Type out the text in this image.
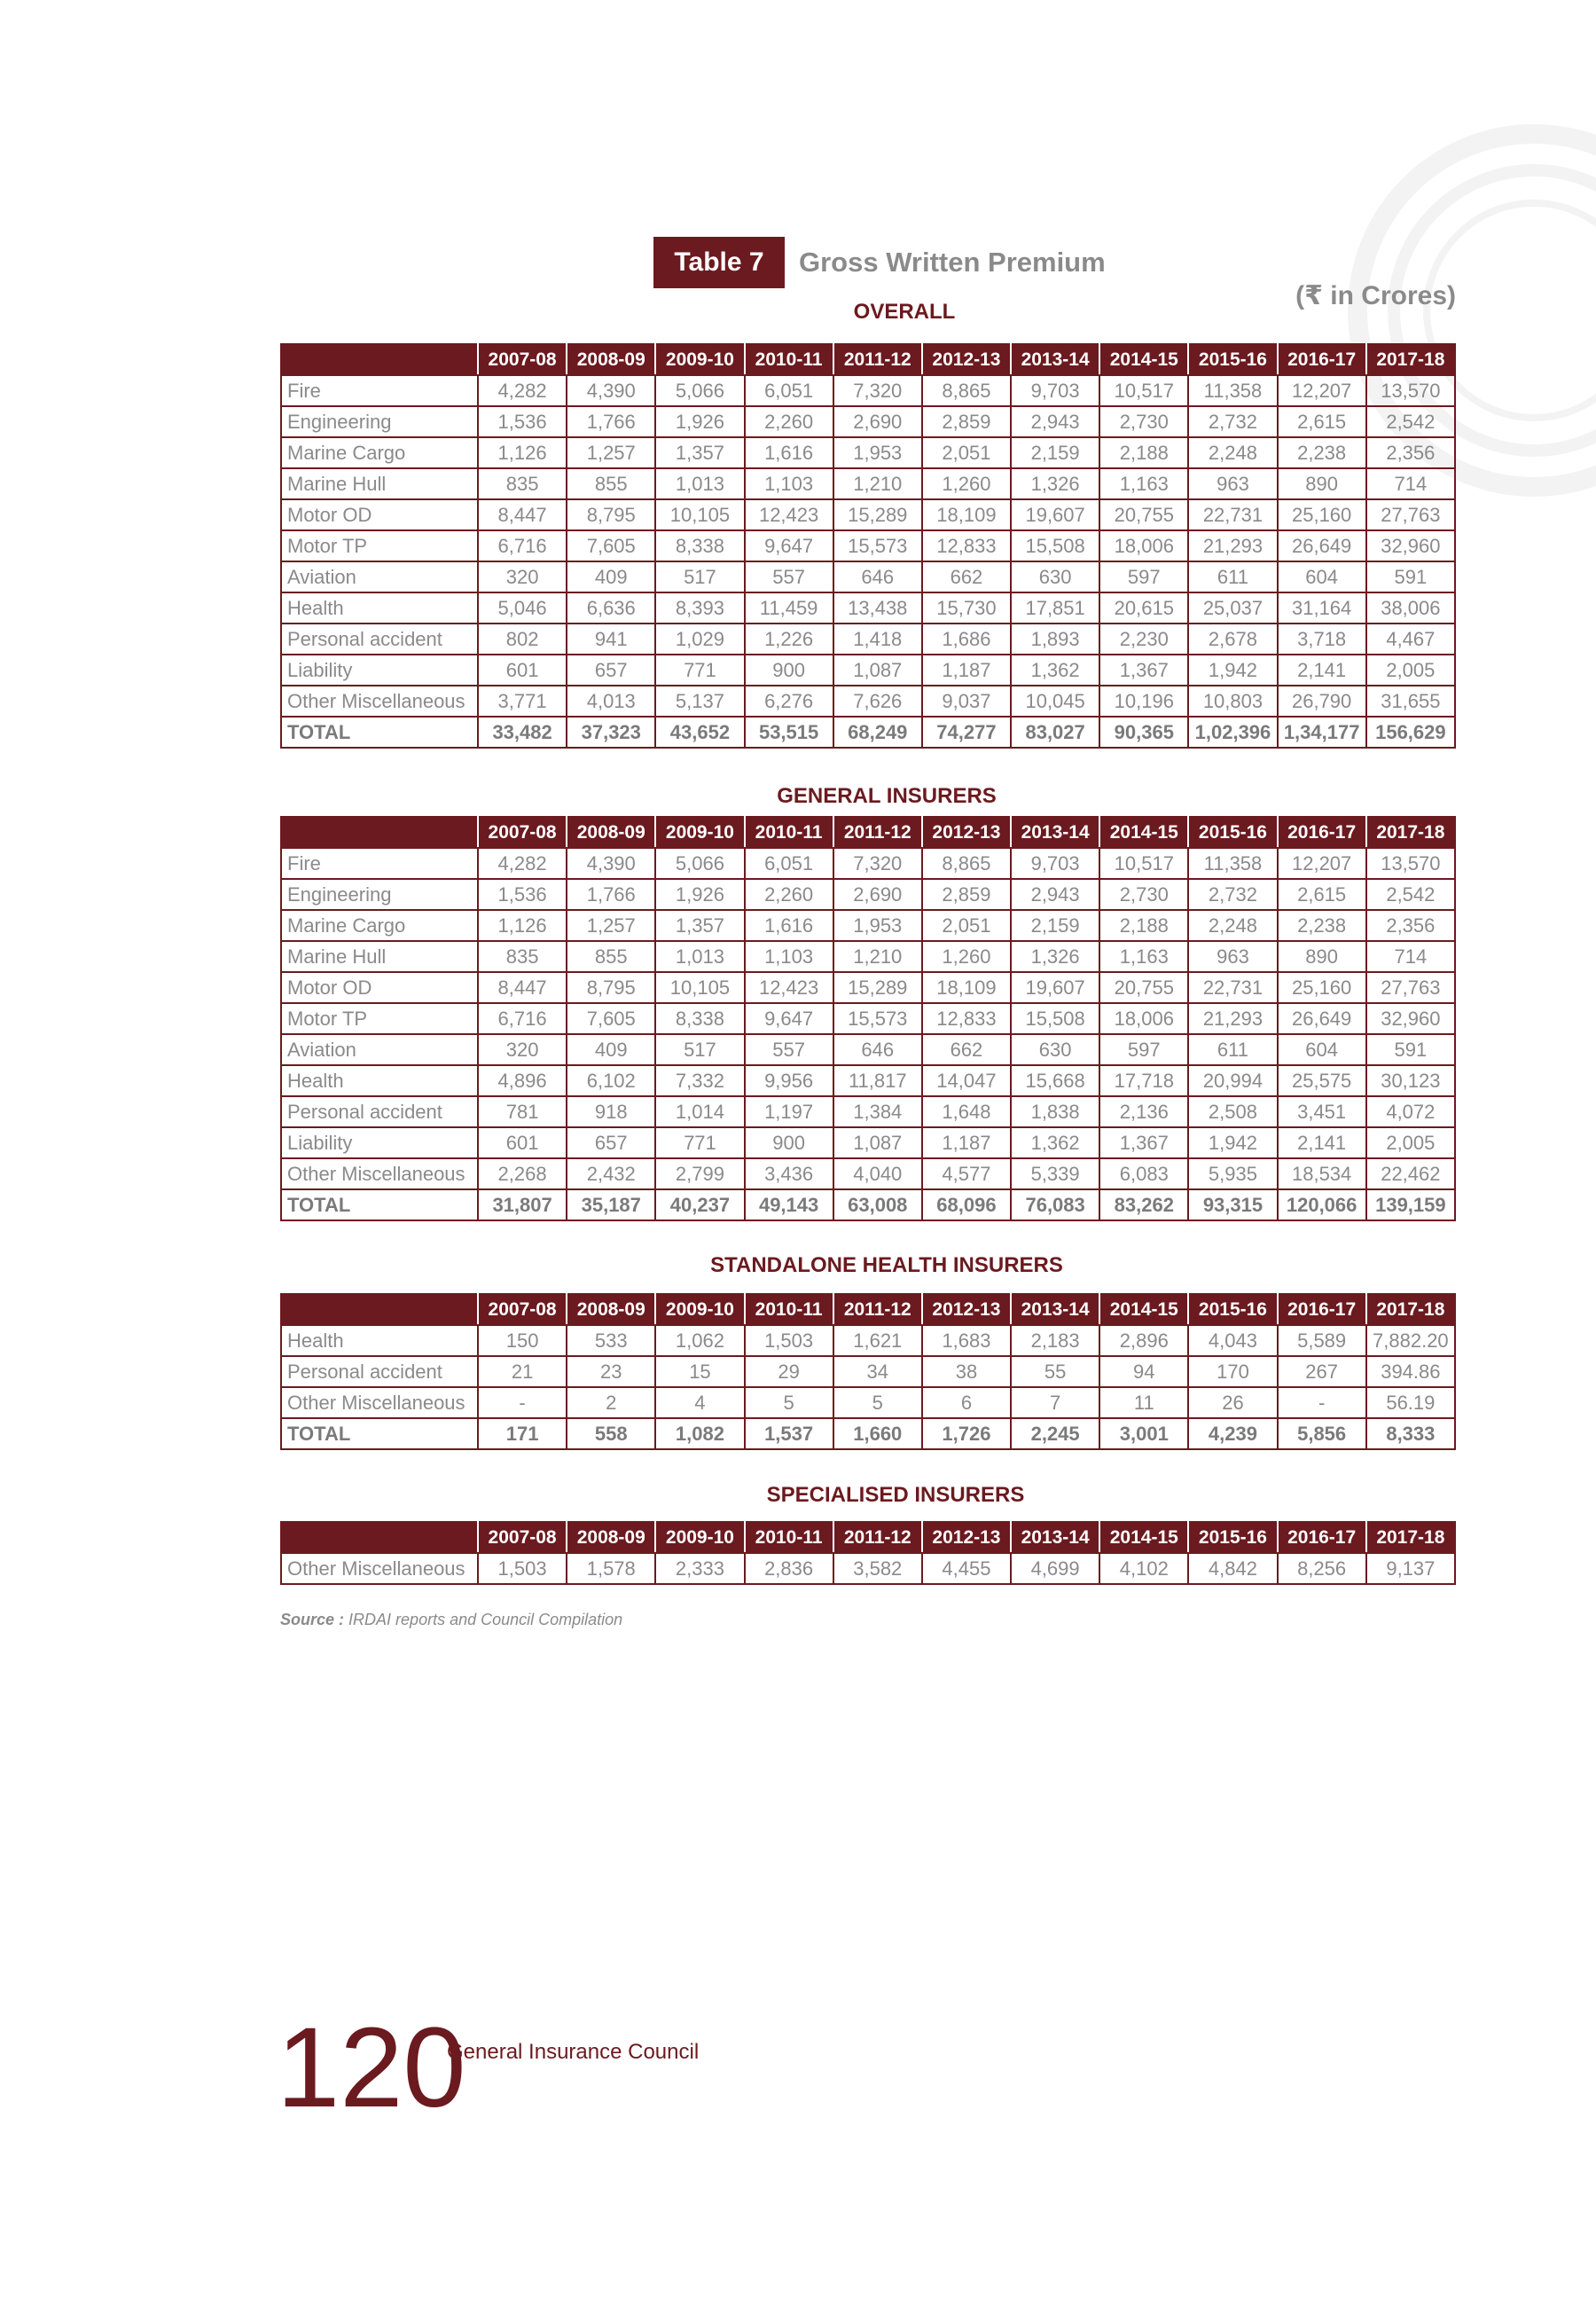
Table 7	Gross Written Premium
(₹ in Crores)
OVERALL
	2007-08	2008-09	2009-10	2010-11	2011-12	2012-13	2013-14	2014-15	2015-16	2016-17	2017-18
Fire	4,282	4,390	5,066	6,051	7,320	8,865	9,703	10,517	11,358	12,207	13,570
Engineering	1,536	1,766	1,926	2,260	2,690	2,859	2,943	2,730	2,732	2,615	2,542
Marine Cargo	1,126	1,257	1,357	1,616	1,953	2,051	2,159	2,188	2,248	2,238	2,356
Marine Hull	835	855	1,013	1,103	1,210	1,260	1,326	1,163	963	890	714
Motor OD	8,447	8,795	10,105	12,423	15,289	18,109	19,607	20,755	22,731	25,160	27,763
Motor TP	6,716	7,605	8,338	9,647	15,573	12,833	15,508	18,006	21,293	26,649	32,960
Aviation	320	409	517	557	646	662	630	597	611	604	591
Health	5,046	6,636	8,393	11,459	13,438	15,730	17,851	20,615	25,037	31,164	38,006
Personal accident	802	941	1,029	1,226	1,418	1,686	1,893	2,230	2,678	3,718	4,467
Liability	601	657	771	900	1,087	1,187	1,362	1,367	1,942	2,141	2,005
Other Miscellaneous	3,771	4,013	5,137	6,276	7,626	9,037	10,045	10,196	10,803	26,790	31,655
TOTAL	33,482	37,323	43,652	53,515	68,249	74,277	83,027	90,365	1,02,396	1,34,177	156,629
GENERAL INSURERS
	2007-08	2008-09	2009-10	2010-11	2011-12	2012-13	2013-14	2014-15	2015-16	2016-17	2017-18
Fire	4,282	4,390	5,066	6,051	7,320	8,865	9,703	10,517	11,358	12,207	13,570
Engineering	1,536	1,766	1,926	2,260	2,690	2,859	2,943	2,730	2,732	2,615	2,542
Marine Cargo	1,126	1,257	1,357	1,616	1,953	2,051	2,159	2,188	2,248	2,238	2,356
Marine Hull	835	855	1,013	1,103	1,210	1,260	1,326	1,163	963	890	714
Motor OD	8,447	8,795	10,105	12,423	15,289	18,109	19,607	20,755	22,731	25,160	27,763
Motor TP	6,716	7,605	8,338	9,647	15,573	12,833	15,508	18,006	21,293	26,649	32,960
Aviation	320	409	517	557	646	662	630	597	611	604	591
Health	4,896	6,102	7,332	9,956	11,817	14,047	15,668	17,718	20,994	25,575	30,123
Personal accident	781	918	1,014	1,197	1,384	1,648	1,838	2,136	2,508	3,451	4,072
Liability	601	657	771	900	1,087	1,187	1,362	1,367	1,942	2,141	2,005
Other Miscellaneous	2,268	2,432	2,799	3,436	4,040	4,577	5,339	6,083	5,935	18,534	22,462
TOTAL	31,807	35,187	40,237	49,143	63,008	68,096	76,083	83,262	93,315	120,066	139,159
STANDALONE HEALTH INSURERS
	2007-08	2008-09	2009-10	2010-11	2011-12	2012-13	2013-14	2014-15	2015-16	2016-17	2017-18
Health	150	533	1,062	1,503	1,621	1,683	2,183	2,896	4,043	5,589	7,882.20
Personal accident	21	23	15	29	34	38	55	94	170	267	394.86
Other Miscellaneous	-	2	4	5	5	6	7	11	26	-	56.19
TOTAL	171	558	1,082	1,537	1,660	1,726	2,245	3,001	4,239	5,856	8,333
SPECIALISED INSURERS
	2007-08	2008-09	2009-10	2010-11	2011-12	2012-13	2013-14	2014-15	2015-16	2016-17	2017-18
Other Miscellaneous	1,503	1,578	2,333	2,836	3,582	4,455	4,699	4,102	4,842	8,256	9,137
Source : IRDAI reports and Council Compilation
120
General Insurance Council
